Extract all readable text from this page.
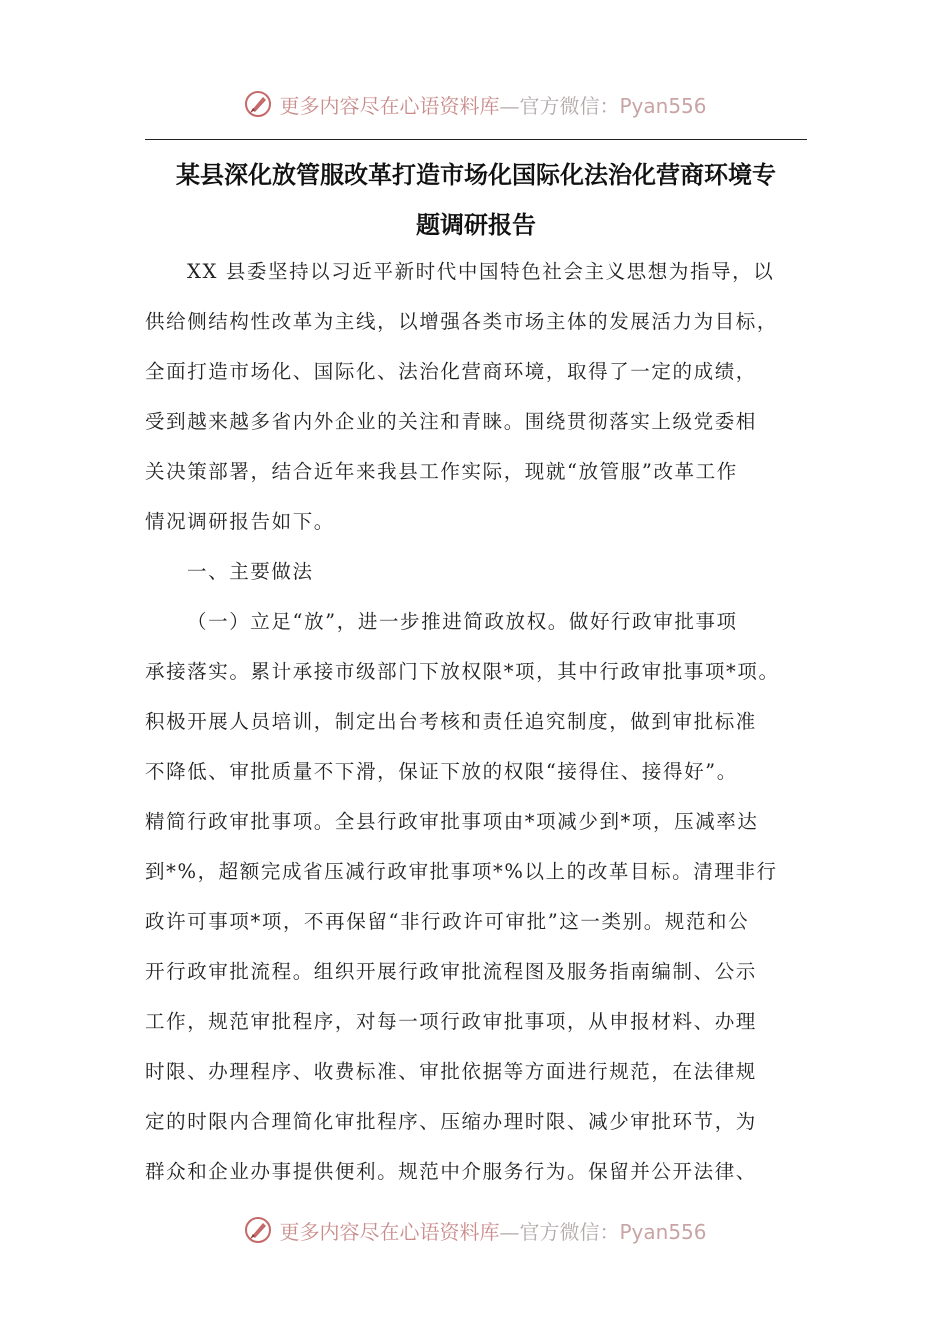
更多内容尽在心语资料库—官方微信：Pyan556
某县深化放管服改革打造市场化国际化法治化营商环境专
题调研报告
XX 县委坚持以习近平新时代中国特色社会主义思想为指导，以
供给侧结构性改革为主线，以增强各类市场主体的发展活力为目标，
全面打造市场化、国际化、法治化营商环境，取得了一定的成绩，
受到越来越多省内外企业的关注和青睐。围绕贯彻落实上级党委相
关决策部署，结合近年来我县工作实际，现就“放管服”改革工作
情况调研报告如下。
一、主要做法
（一）立足“放”，进一步推进简政放权。做好行政审批事项
承接落实。累计承接市级部门下放权限*项，其中行政审批事项*项。
积极开展人员培训，制定出台考核和责任追究制度，做到审批标准
不降低、审批质量不下滑，保证下放的权限“接得住、接得好”。
精简行政审批事项。全县行政审批事项由*项减少到*项，压减率达
到*%，超额完成省压减行政审批事项*%以上的改革目标。清理非行
政许可事项*项，不再保留“非行政许可审批”这一类别。规范和公
开行政审批流程。组织开展行政审批流程图及服务指南编制、公示
工作，规范审批程序，对每一项行政审批事项，从申报材料、办理
时限、办理程序、收费标准、审批依据等方面进行规范，在法律规
定的时限内合理简化审批程序、压缩办理时限、减少审批环节，为
群众和企业办事提供便利。规范中介服务行为。保留并公开法律、
更多内容尽在心语资料库—官方微信：Pyan556
